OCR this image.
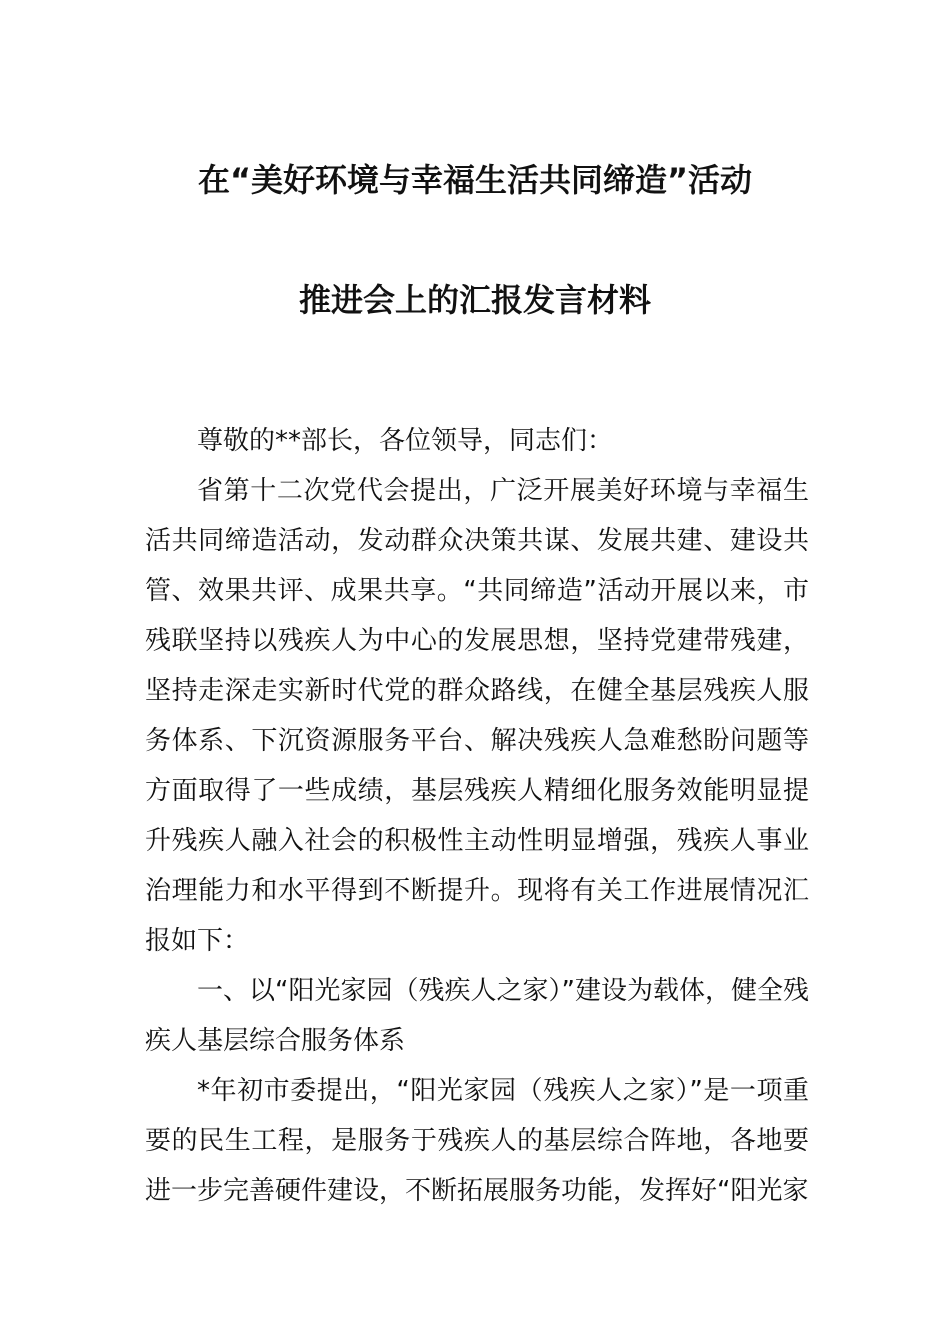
在“美好环境与幸福生活共同缔造”活动
推进会上的汇报发言材料

尊敬的**部长，各位领导，同志们：

省第十二次党代会提出，广泛开展美好环境与幸福生活共同缔造活动，发动群众决策共谋、发展共建、建设共管、效果共评、成果共享。“共同缔造”活动开展以来，市残联坚持以残疾人为中心的发展思想，坚持党建带残建，坚持走深走实新时代党的群众路线，在健全基层残疾人服务体系、下沉资源服务平台、解决残疾人急难愁盼问题等方面取得了一些成绩，基层残疾人精细化服务效能明显提升残疾人融入社会的积极性主动性明显增强，残疾人事业治理能力和水平得到不断提升。现将有关工作进展情况汇报如下：

一、以“阳光家园（残疾人之家）”建设为载体，健全残疾人基层综合服务体系

*年初市委提出，“阳光家园（残疾人之家）”是一项重要的民生工程，是服务于残疾人的基层综合阵地，各地要进一步完善硬件建设，不断拓展服务功能，发挥好“阳光家
